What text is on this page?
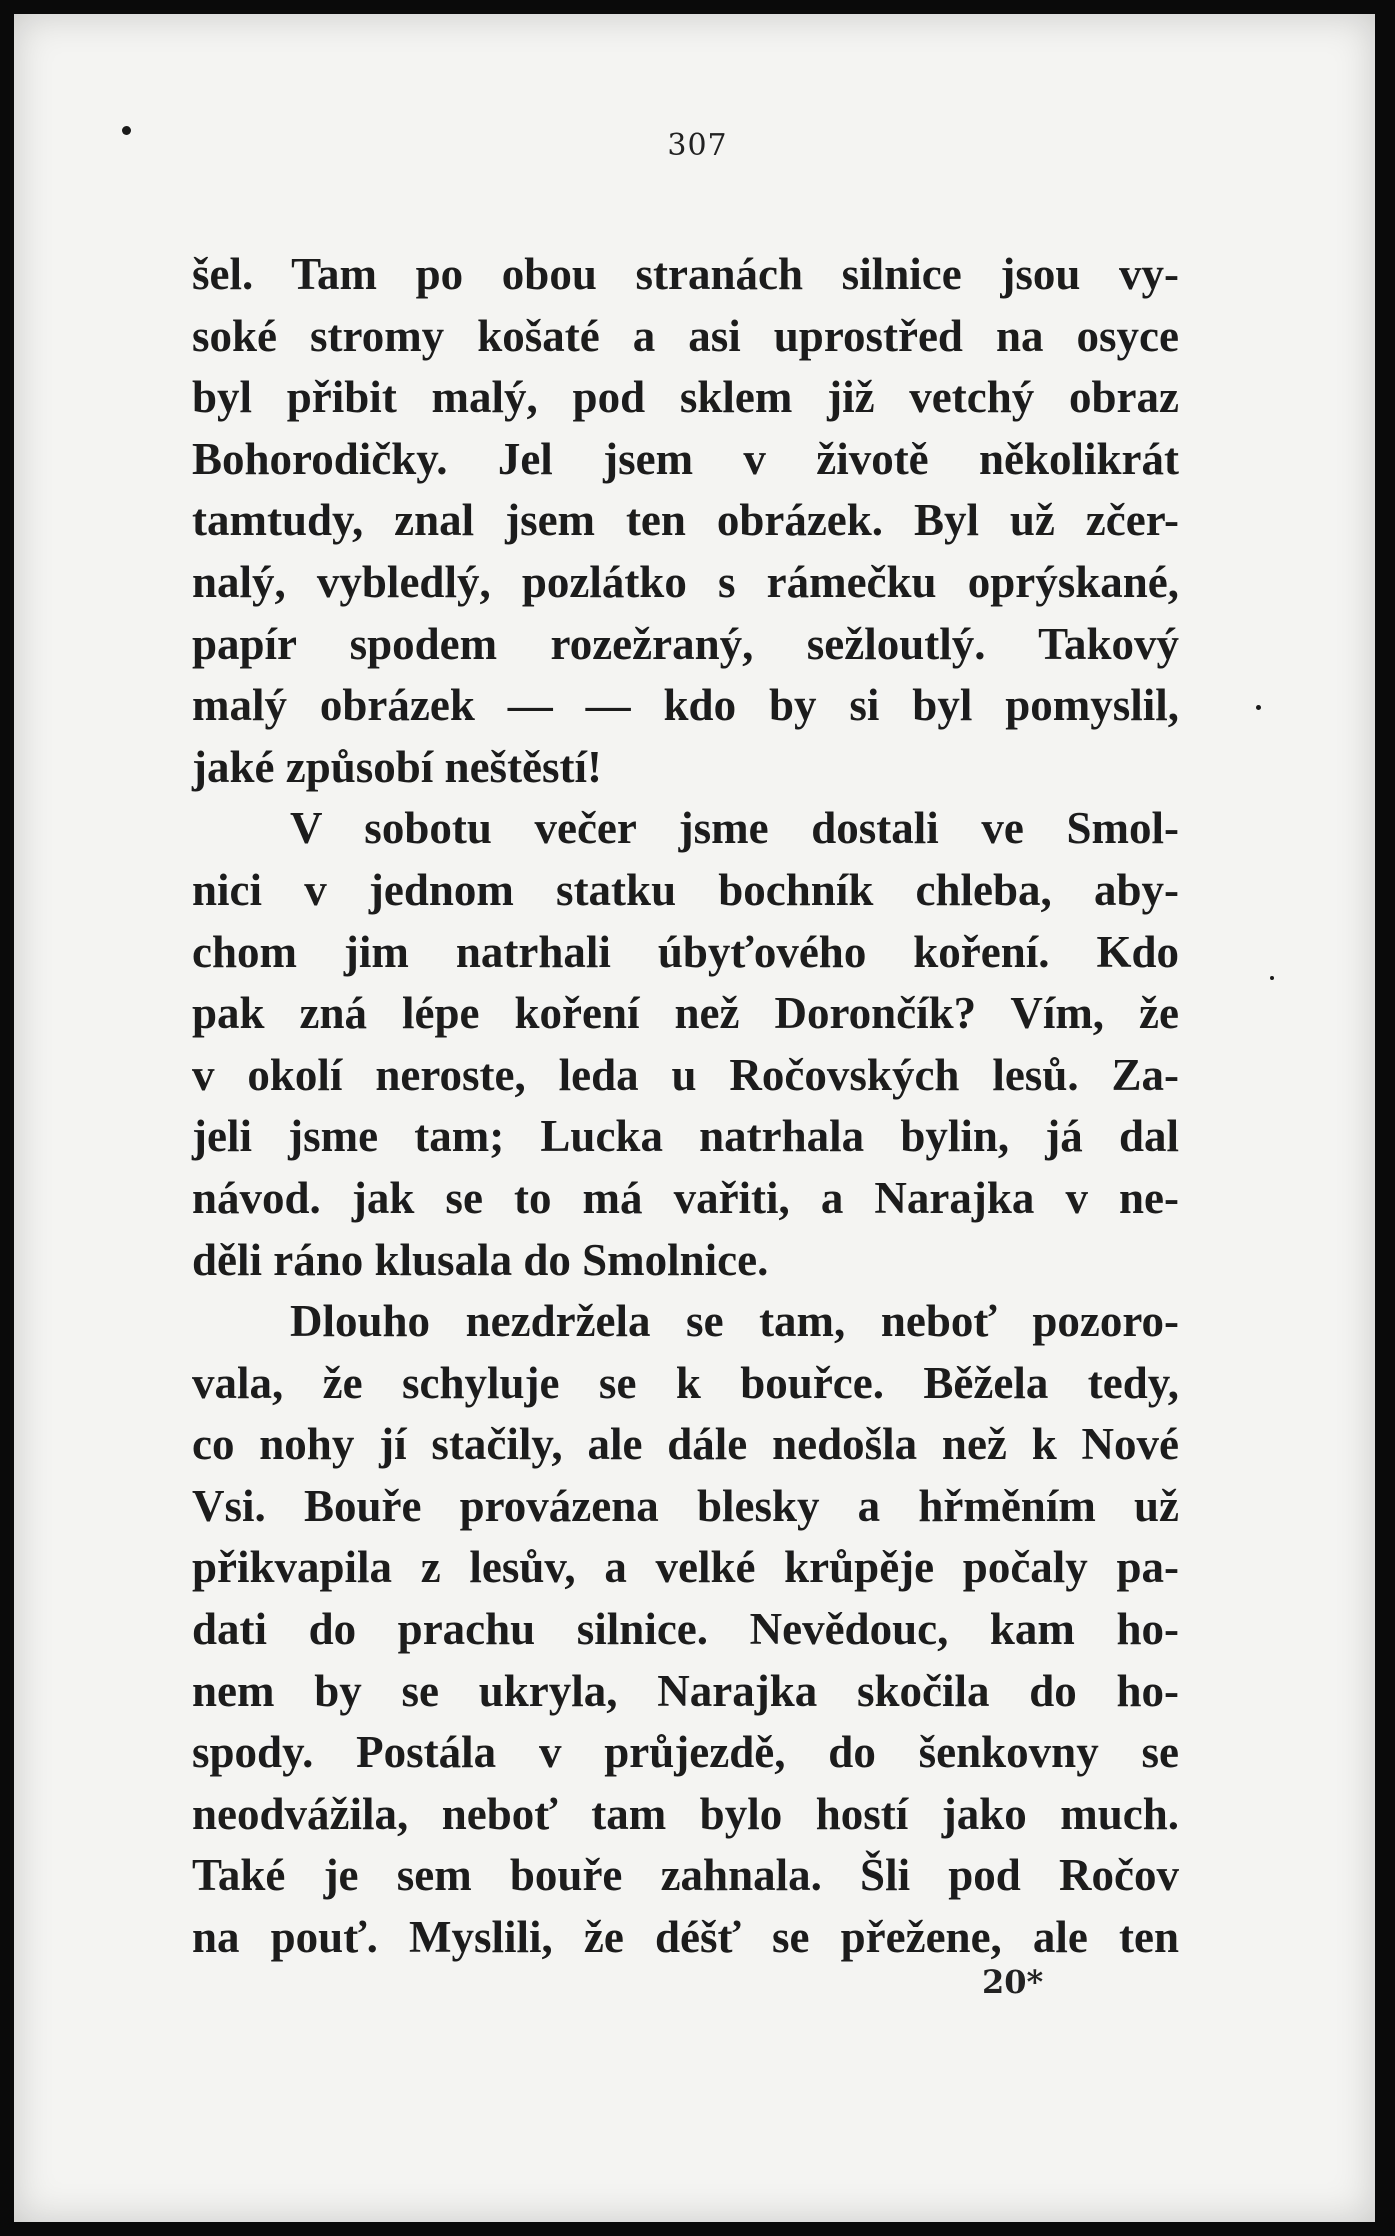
307
šel. Tam po obou stranách silnice jsou vy-
soké stromy košaté a asi uprostřed na osyce
byl přibit malý, pod sklem již vetchý obraz
Bohorodičky. Jel jsem v životě několikrát
tamtudy, znal jsem ten obrázek. Byl už zčer-
nalý, vybledlý, pozlátko s rámečku oprýskané,
papír spodem rozežraný, sežloutlý. Takový
malý obrázek — — kdo by si byl pomyslil,
jaké způsobí neštěstí!
V sobotu večer jsme dostali ve Smol-
nici v jednom statku bochník chleba, aby-
chom jim natrhali úbyťového koření. Kdo
pak zná lépe koření než Dorončík? Vím, že
v okolí neroste, leda u Ročovských lesů. Za-
jeli jsme tam; Lucka natrhala bylin, já dal
návod. jak se to má vařiti, a Narajka v ne-
děli ráno klusala do Smolnice.
Dlouho nezdržela se tam, neboť pozoro-
vala, že schyluje se k bouřce. Běžela tedy,
co nohy jí stačily, ale dále nedošla než k Nové
Vsi. Bouře provázena blesky a hřměním už
přikvapila z lesův, a velké krůpěje počaly pa-
dati do prachu silnice. Nevědouc, kam ho-
nem by se ukryla, Narajka skočila do ho-
spody. Postála v průjezdě, do šenkovny se
neodvážila, neboť tam bylo hostí jako much.
Také je sem bouře zahnala. Šli pod Ročov
na pouť. Myslili, že déšť se přežene, ale ten
20*
